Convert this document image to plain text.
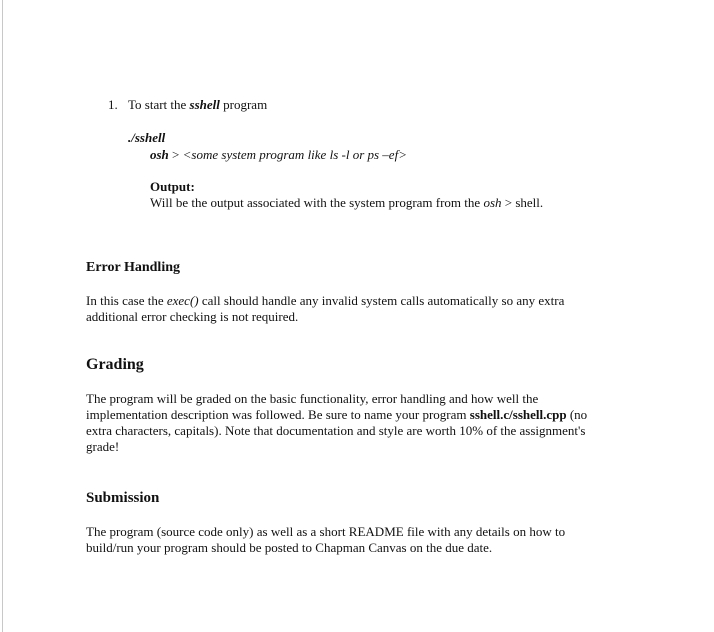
1. To start the sshell program
./sshell
osh > <some system program like ls -l or ps –ef>
Output:
Will be the output associated with the system program from the osh > shell.
Error Handling
In this case the exec() call should handle any invalid system calls automatically so any extra
additional error checking is not required.
Grading
The program will be graded on the basic functionality, error handling and how well the
implementation description was followed. Be sure to name your program sshell.c/sshell.cpp (no
extra characters, capitals). Note that documentation and style are worth 10% of the assignment's
grade!
Submission
The program (source code only) as well as a short README file with any details on how to
build/run your program should be posted to Chapman Canvas on the due date.
